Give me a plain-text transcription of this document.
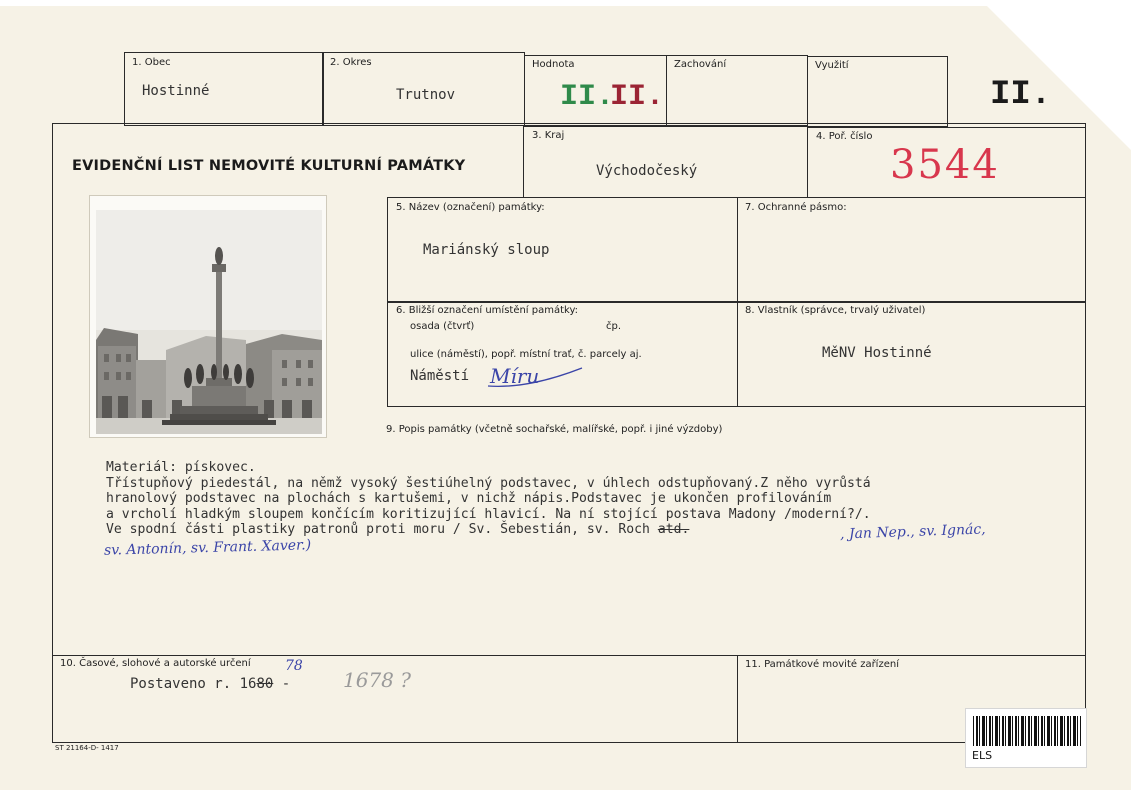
1. Obec
Hostinné
2. Okres
Trutnov
Hodnota
II.
II.
Zachování	Využití
II.
EVIDENČNÍ LIST NEMOVITÉ KULTURNÍ PAMÁTKY
3. Kraj
Východočeský
4. Poř. číslo
3544
5. Název (označení) památky:
Mariánský sloup
7. Ochranné pásmo:
6. Bližší označení umístění památky:
osada (čtvrť)	čp.
ulice (náměstí), popř. místní trať, č. parcely aj.
Náměstí Míru
8. Vlastník (správce, trvalý uživatel)
MěNV Hostinné
9. Popis památky (včetně sochařské, malířské, popř. i jiné výzdoby)
Materiál: pískovec.
Třístupňový piedestál, na němž vysoký šestiúhelný podstavec, v úhlech odstupňovaný.Z něho vyrůstá
hranolový podstavec na plochách s kartušemi, v nichž nápis.Podstavec je ukončen profilováním
a vrcholí hladkým sloupem končícím koritizující hlavicí. Na ní stojící postava Madony /moderní?/.
Ve spodní části plastiky patronů proti moru / Sv. Šebestián, sv. Roch atd.	, Jan Nep., sv. Ignác,
sv. Antonín, sv. Frant. Xaver.)
10. Časové, slohové a autorské určení
Postaveno r. 1680 -
78
1678 ?
11. Památkové movité zařízení
ST 21164-D- 1417
ELS
